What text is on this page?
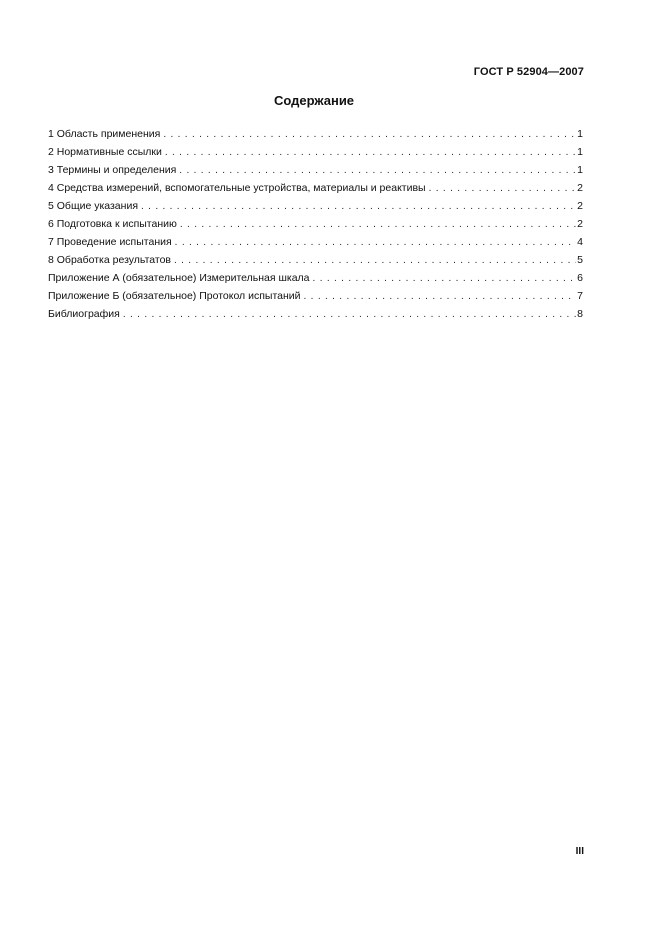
ГОСТ Р 52904—2007
Содержание
1 Область применения . . .	1
2 Нормативные ссылки . . .	1
3 Термины и определения . . .	1
4 Средства измерений, вспомогательные устройства, материалы и реактивы . . .	2
5 Общие указания . . .	2
6 Подготовка к испытанию . . .	2
7 Проведение испытания . . .	4
8 Обработка результатов . . .	5
Приложение А (обязательное) Измерительная шкала . . .	6
Приложение Б (обязательное) Протокол испытаний . . .	7
Библиография . . .	8
III
